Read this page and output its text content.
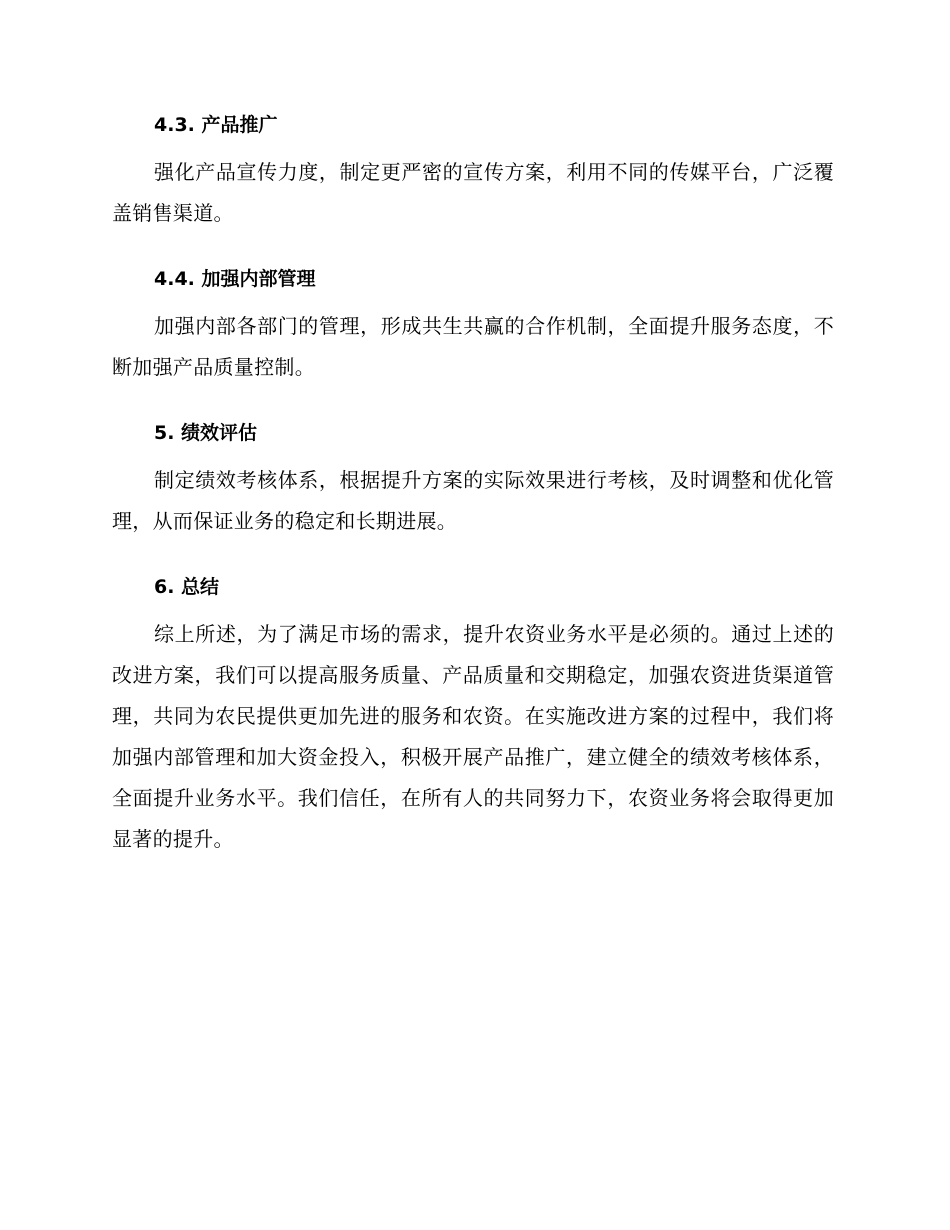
4.3. 产品推广

强化产品宣传力度，制定更严密的宣传方案，利用不同的传媒平台，广泛覆盖销售渠道。

4.4. 加强内部管理

加强内部各部门的管理，形成共生共赢的合作机制，全面提升服务态度，不断加强产品质量控制。

5. 绩效评估

制定绩效考核体系，根据提升方案的实际效果进行考核，及时调整和优化管理，从而保证业务的稳定和长期进展。

6. 总结

综上所述，为了满足市场的需求，提升农资业务水平是必须的。通过上述的改进方案，我们可以提高服务质量、产品质量和交期稳定，加强农资进货渠道管理，共同为农民提供更加先进的服务和农资。在实施改进方案的过程中，我们将加强内部管理和加大资金投入，积极开展产品推广，建立健全的绩效考核体系，全面提升业务水平。我们信任，在所有人的共同努力下，农资业务将会取得更加显著的提升。
